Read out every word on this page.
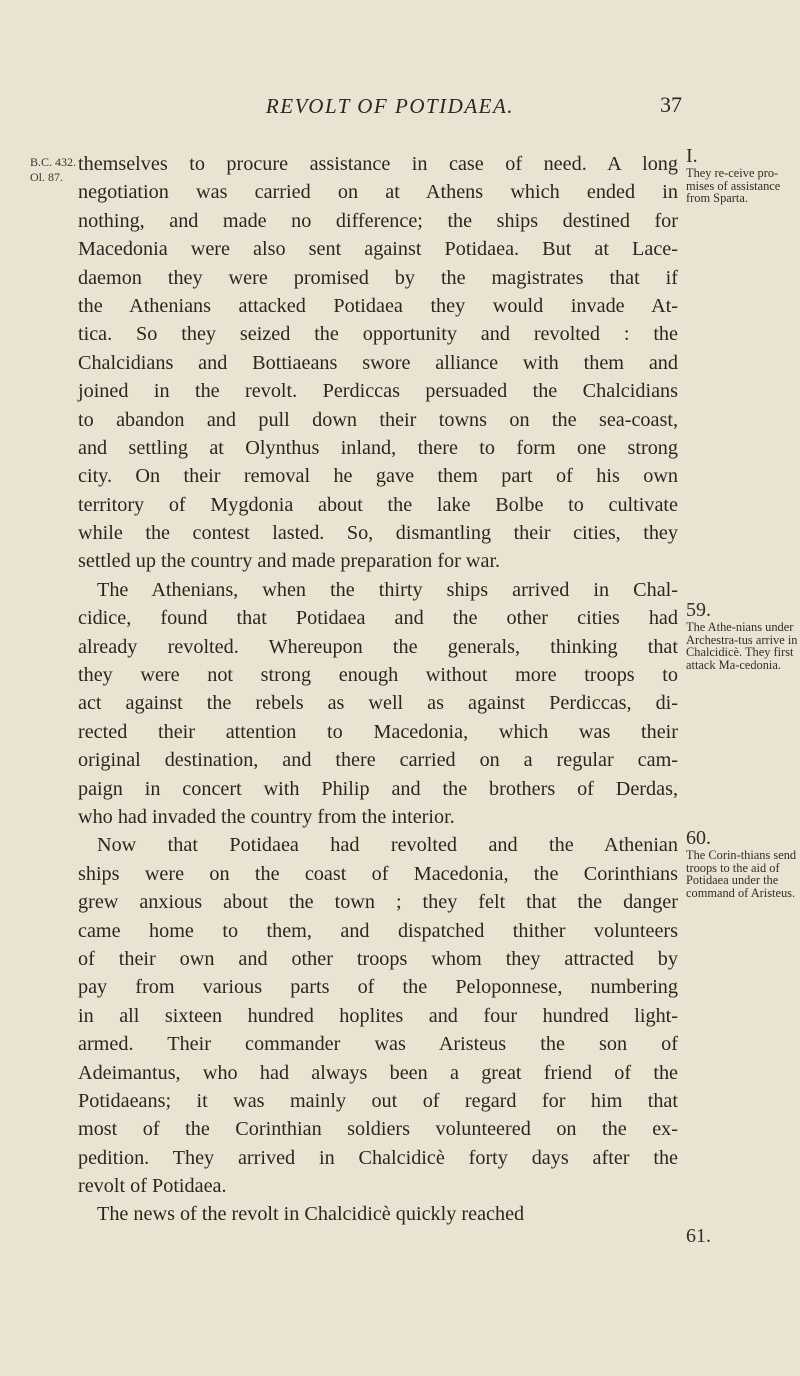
REVOLT OF POTIDAEA.	37
B.C. 432.
Ol. 87.
themselves to procure assistance in case of need. A long
negotiation was carried on at Athens which ended in
nothing, and made no difference; the ships destined for
Macedonia were also sent against Potidaea. But at Lace-
daemon they were promised by the magistrates that if
the Athenians attacked Potidaea they would invade At-
tica. So they seized the opportunity and revolted : the
Chalcidians and Bottiaeans swore alliance with them and
joined in the revolt. Perdiccas persuaded the Chalcidians
to abandon and pull down their towns on the sea-coast,
and settling at Olynthus inland, there to form one strong
city. On their removal he gave them part of his own
territory of Mygdonia about the lake Bolbe to cultivate
while the contest lasted. So, dismantling their cities, they
settled up the country and made preparation for war.
The Athenians, when the thirty ships arrived in Chal-
cidice, found that Potidaea and the other cities had
already revolted. Whereupon the generals, thinking that
they were not strong enough without more troops to
act against the rebels as well as against Perdiccas, di-
rected their attention to Macedonia, which was their
original destination, and there carried on a regular cam-
paign in concert with Philip and the brothers of Derdas,
who had invaded the country from the interior.
Now that Potidaea had revolted and the Athenian
ships were on the coast of Macedonia, the Corinthians
grew anxious about the town ; they felt that the danger
came home to them, and dispatched thither volunteers
of their own and other troops whom they attracted by
pay from various parts of the Peloponnese, numbering
in all sixteen hundred hoplites and four hundred light-
armed. Their commander was Aristeus the son of
Adeimantus, who had always been a great friend of the
Potidaeans; it was mainly out of regard for him that
most of the Corinthian soldiers volunteered on the ex-
pedition. They arrived in Chalcidicè forty days after the
revolt of Potidaea.
The news of the revolt in Chalcidicè quickly reached
I.
They re-ceive pro-mises of assistance from Sparta.
59.
The Athe-nians under Archestra-tus arrive in Chalcidicè. They first attack Ma-cedonia.
60.
The Corin-thians send troops to the aid of Potidaea under the command of Aristeus.
61.
